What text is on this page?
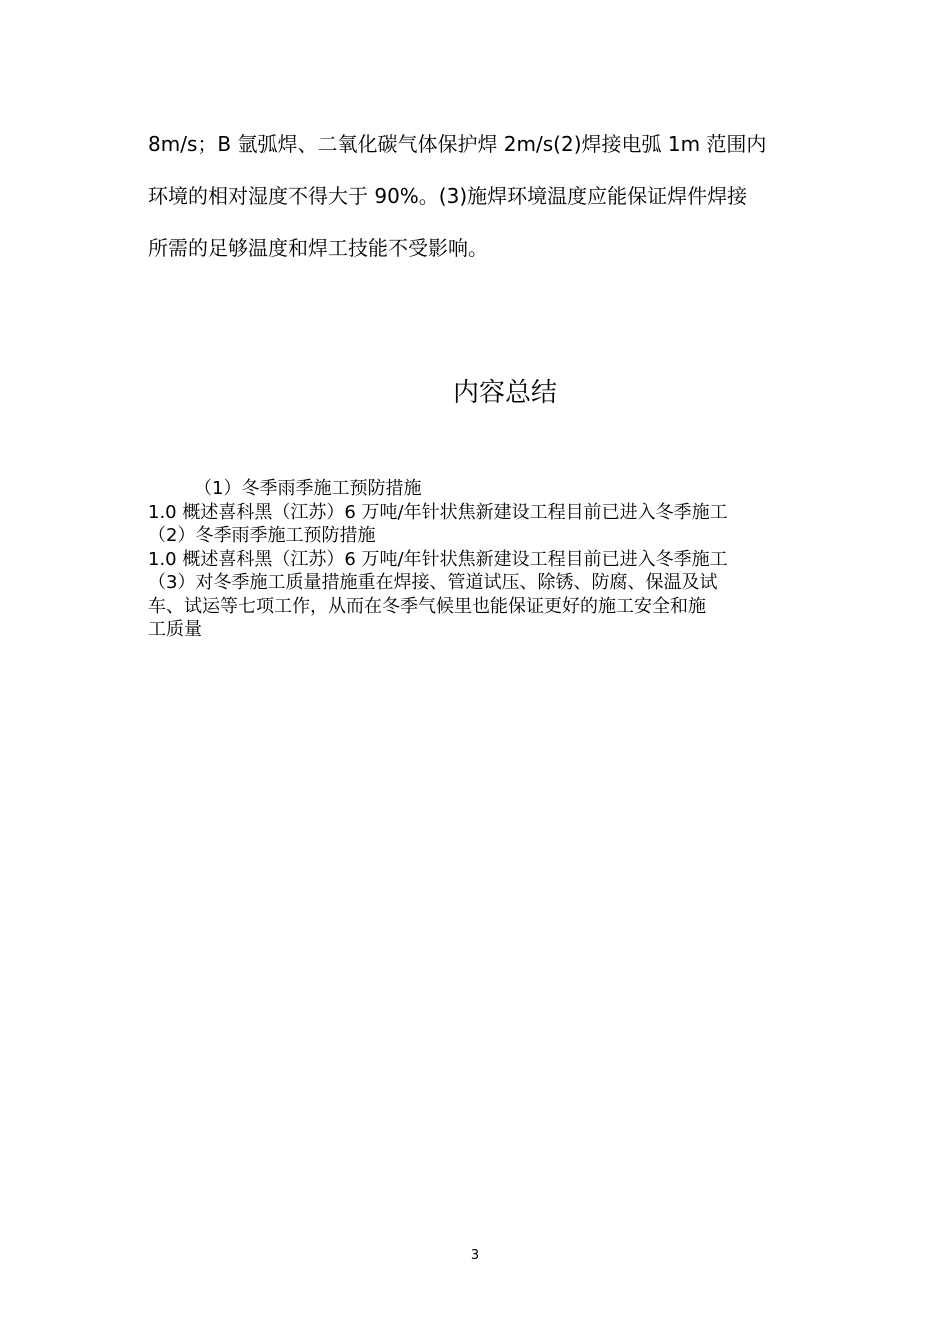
8m/s；B 氩弧焊、二氧化碳气体保护焊 2m/s(2)焊接电弧 1m 范围内

环境的相对湿度不得大于 90%。(3)施焊环境温度应能保证焊件焊接

所需的足够温度和焊工技能不受影响。

内容总结

（1）冬季雨季施工预防措施

1.0 概述喜科黑（江苏）6 万吨/年针状焦新建设工程目前已进入冬季施工

（2）冬季雨季施工预防措施

1.0 概述喜科黑（江苏）6 万吨/年针状焦新建设工程目前已进入冬季施工

（3）对冬季施工质量措施重在焊接、管道试压、除锈、防腐、保温及试

车、试运等七项工作，从而在冬季气候里也能保证更好的施工安全和施

工质量

3
